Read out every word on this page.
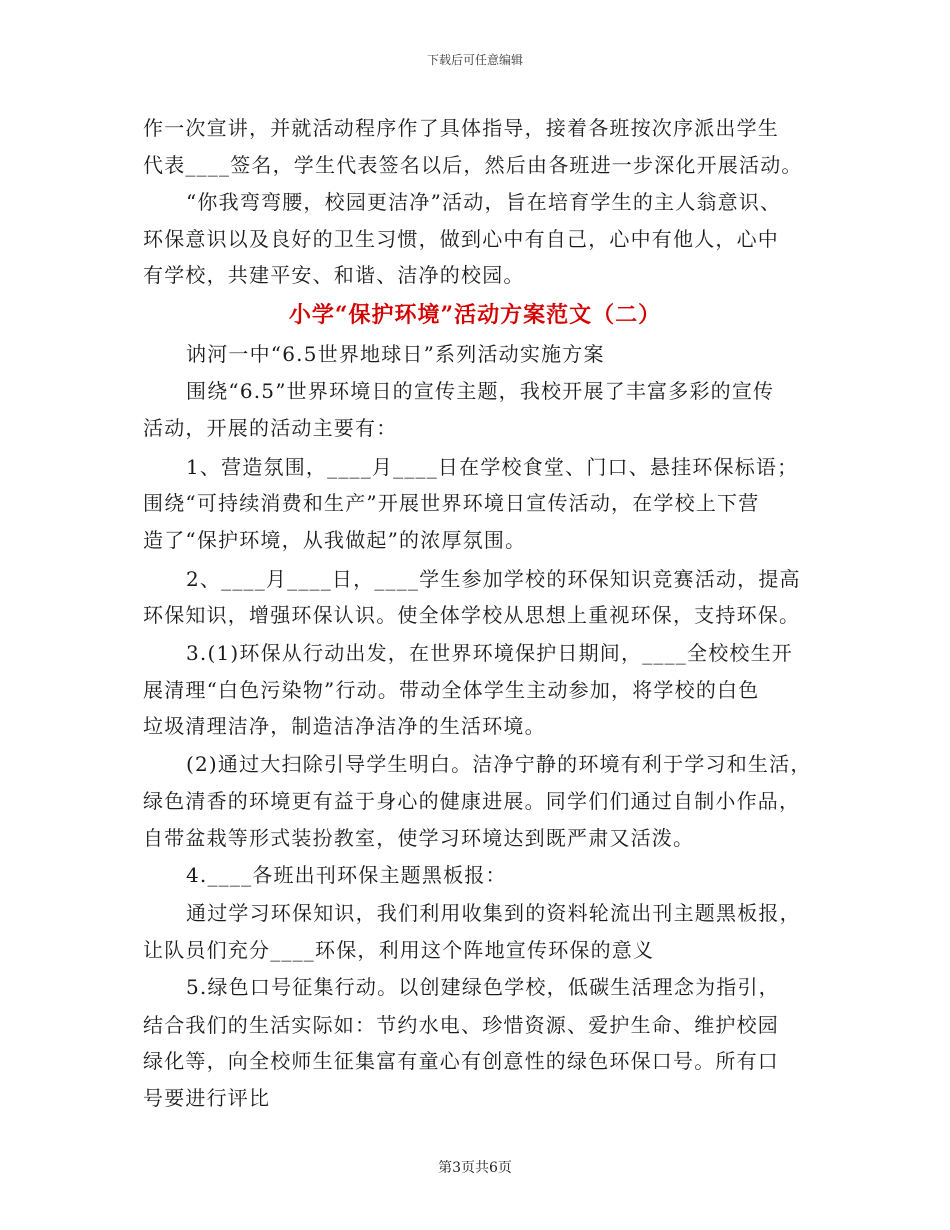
下载后可任意编辑
作一次宣讲，并就活动程序作了具体指导，接着各班按次序派出学生
代表____签名，学生代表签名以后，然后由各班进一步深化开展活动。
“你我弯弯腰，校园更洁净”活动，旨在培育学生的主人翁意识、
环保意识以及良好的卫生习惯，做到心中有自己，心中有他人，心中
有学校，共建平安、和谐、洁净的校园。
小学“保护环境”活动方案范文（二）
讷河一中“6.5世界地球日”系列活动实施方案
围绕“6.5”世界环境日的宣传主题，我校开展了丰富多彩的宣传
活动，开展的活动主要有：
1、营造氛围，____月____日在学校食堂、门口、悬挂环保标语；
围绕“可持续消费和生产”开展世界环境日宣传活动，在学校上下营
造了“保护环境，从我做起”的浓厚氛围。
2、____月____日，____学生参加学校的环保知识竞赛活动，提高
环保知识，增强环保认识。使全体学校从思想上重视环保，支持环保。
3.(1)环保从行动出发，在世界环境保护日期间，____全校校生开
展清理“白色污染物”行动。带动全体学生主动参加，将学校的白色
垃圾清理洁净，制造洁净洁净的生活环境。
(2)通过大扫除引导学生明白。洁净宁静的环境有利于学习和生活，
绿色清香的环境更有益于身心的健康进展。同学们们通过自制小作品，
自带盆栽等形式装扮教室，使学习环境达到既严肃又活泼。
4.____各班出刊环保主题黑板报：
通过学习环保知识，我们利用收集到的资料轮流出刊主题黑板报，
让队员们充分____环保，利用这个阵地宣传环保的意义
5.绿色口号征集行动。以创建绿色学校，低碳生活理念为指引，
结合我们的生活实际如：节约水电、珍惜资源、爱护生命、维护校园
绿化等，向全校师生征集富有童心有创意性的绿色环保口号。所有口
号要进行评比
第3页共6页
